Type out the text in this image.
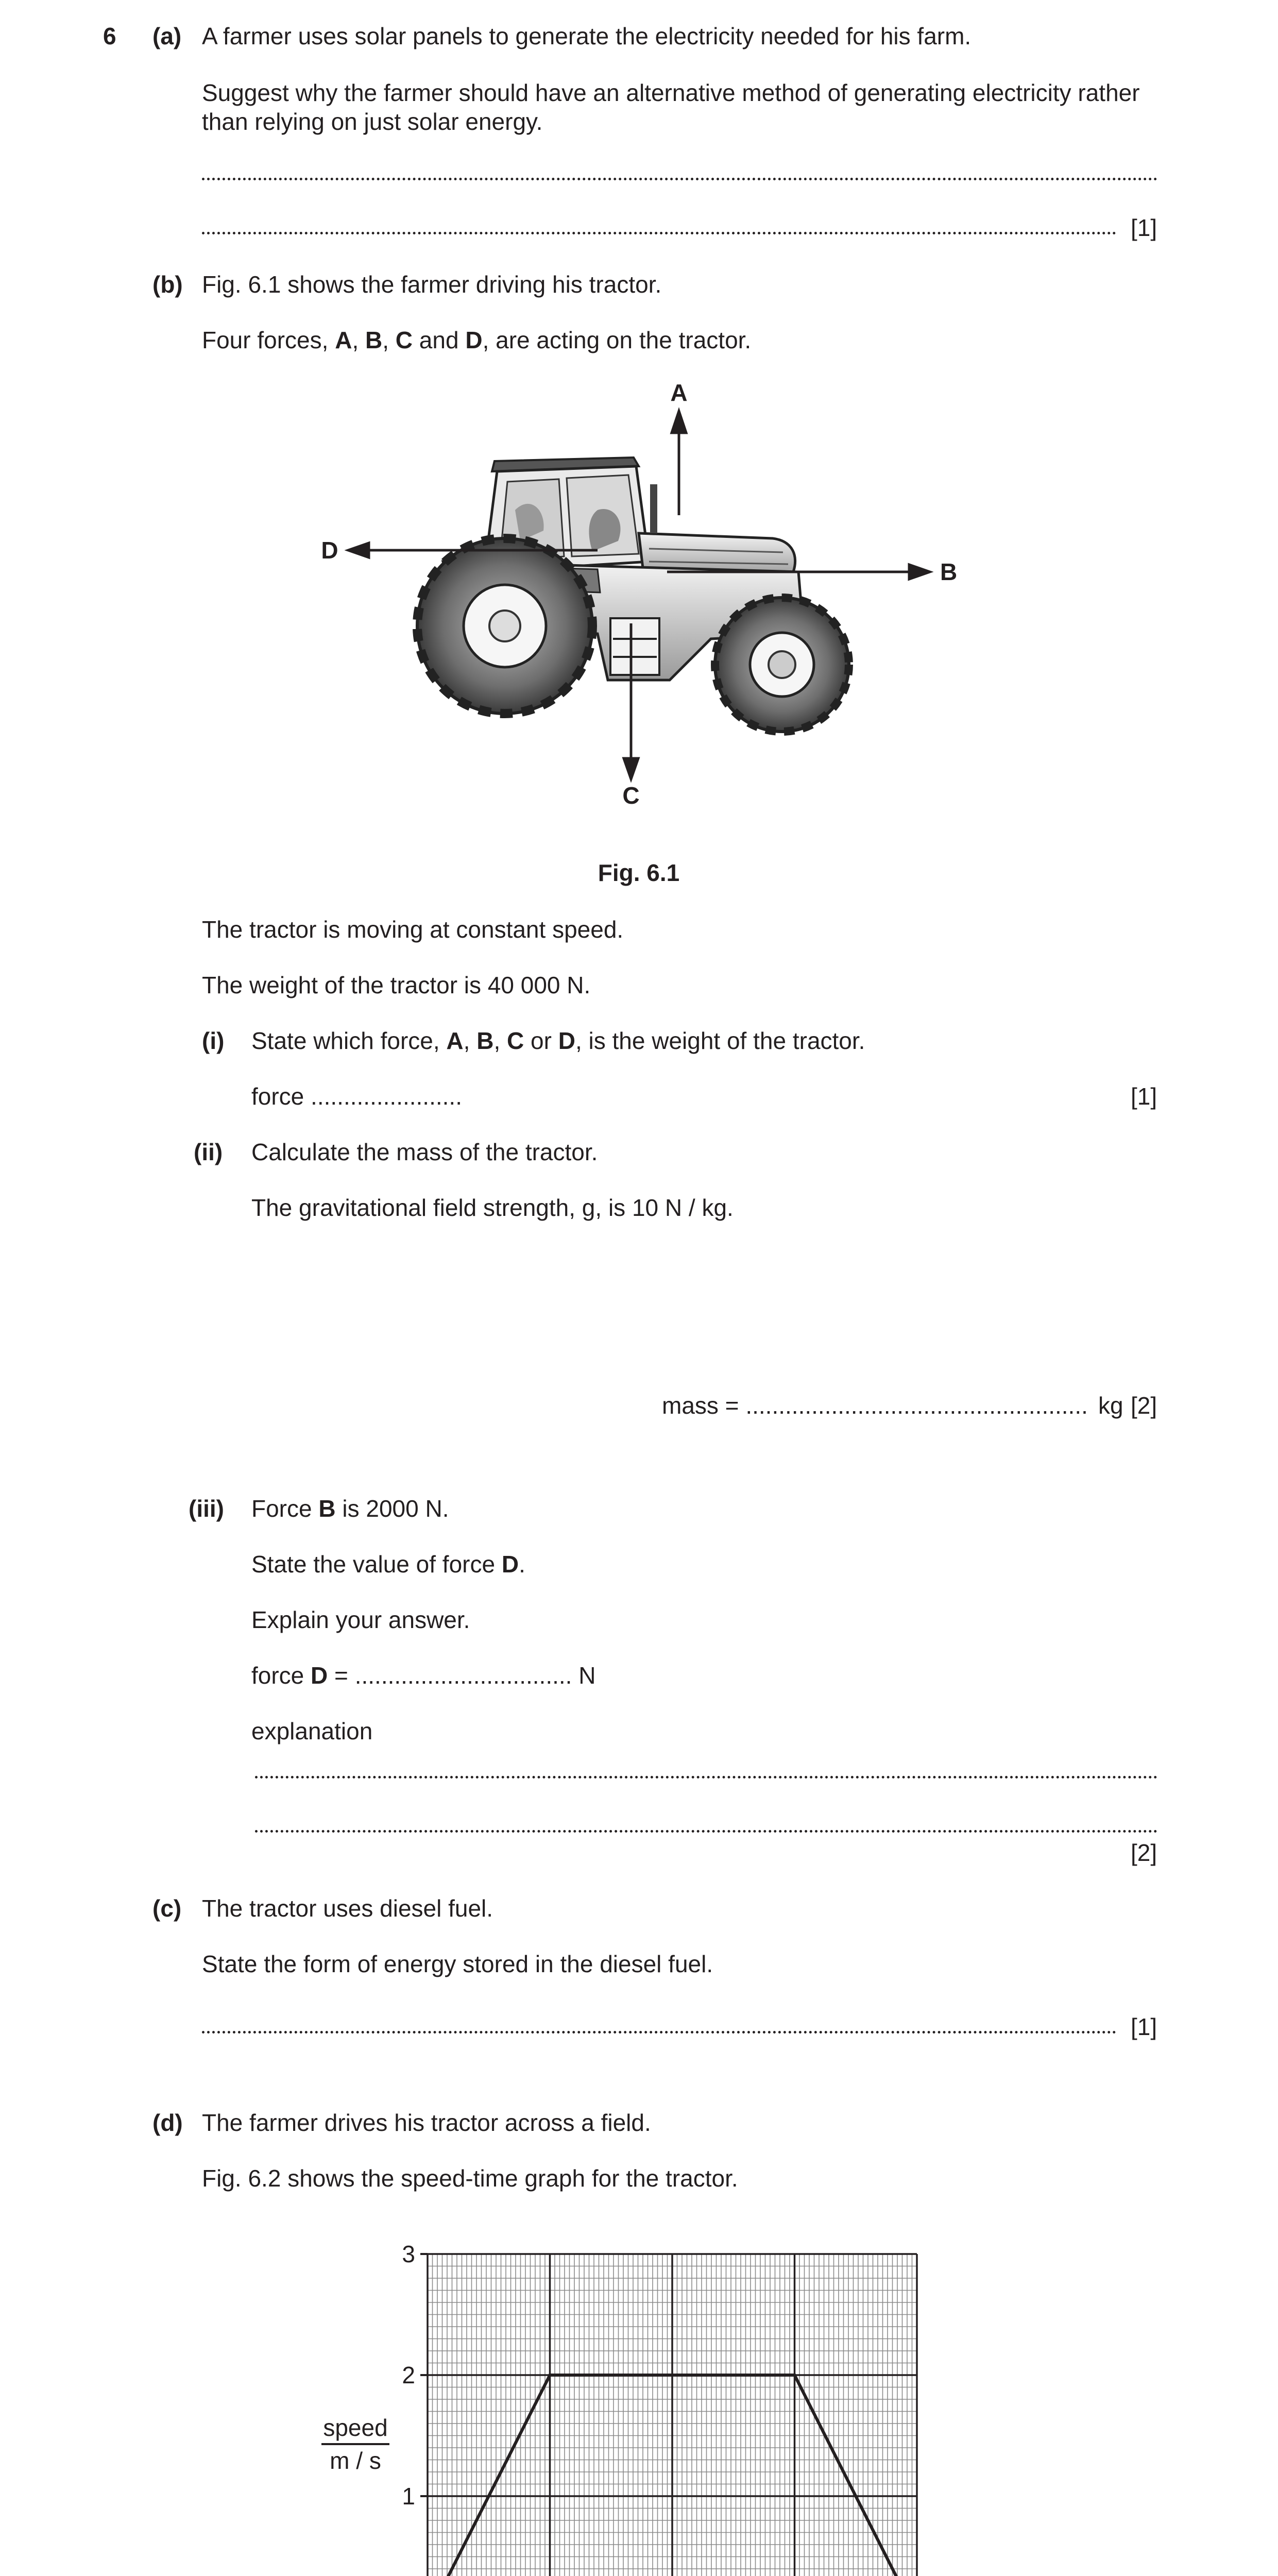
6 (a) A farmer uses solar panels to generate the electricity needed for his farm.
Suggest why the farmer should have an alternative method of generating electricity rather than relying on just solar energy.
[1]
(b) Fig. 6.1 shows the farmer driving his tractor.
Four forces, A, B, C and D, are acting on the tractor.
A
B
C
D
Fig. 6.1
The tractor is moving at constant speed.
The weight of the tractor is 40 000 N.
(i) State which force, A, B, C or D, is the weight of the tractor.
force .......................	[1]
(ii) Calculate the mass of the tractor.
The gravitational field strength, g, is 10 N / kg.
mass = .................................................... kg [2]
(iii) Force B is 2000 N.
State the value of force D.
Explain your answer.
force D = ................................. N
explanation
[2]
(c) The tractor uses diesel fuel.
State the form of energy stored in the diesel fuel.
[1]
(d) The farmer drives his tractor across a field.
Fig. 6.2 shows the speed-time graph for the tractor.
1
2
3
speed
m / s
